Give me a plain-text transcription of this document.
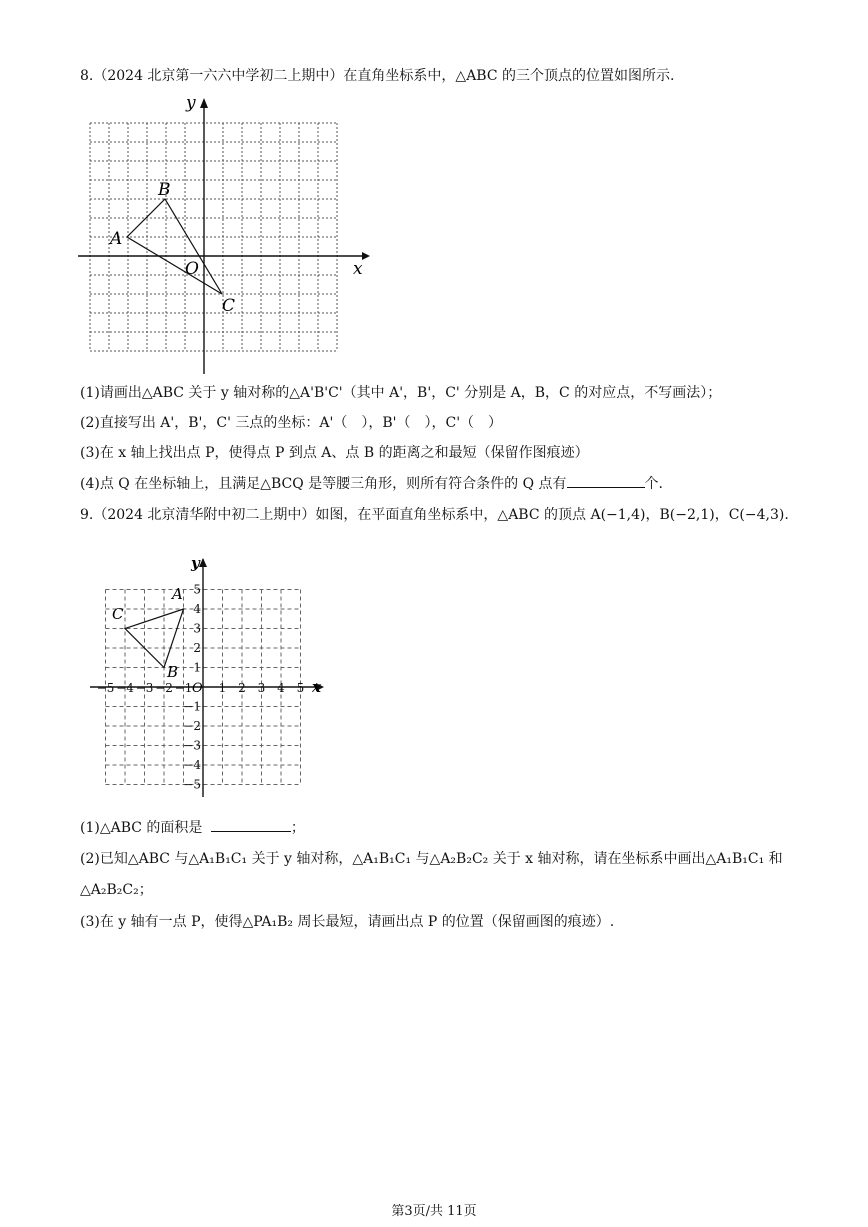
8.（2024 北京第一六六中学初二上期中）在直角坐标系中，△ABC 的三个顶点的位置如图所示.
y
x
O
A
B
C
(1)请画出△ABC 关于 y 轴对称的△A'B'C'（其中 A'，B'，C' 分别是 A，B，C 的对应点，不写画法）；
(2)直接写出 A'，B'，C' 三点的坐标：A'（　），B'（　），C'（　）
(3)在 x 轴上找出点 P，使得点 P 到点 A、点 B 的距离之和最短（保留作图痕迹）
(4)点 Q 在坐标轴上，且满足△BCQ 是等腰三角形，则所有符合条件的 Q 点有	个.
9.（2024 北京清华附中初二上期中）如图，在平面直角坐标系中，△ABC 的顶点 A(−1,4)，B(−2,1)，C(−4,3).
−5 −4 −3 −2 −1 1 2 3 4 5
5
4
3
2
1
−1
−2
−3
−4
−5
y
x
O
A
B
C
(1)△ABC 的面积是	；
(2)已知△ABC 与△A₁B₁C₁ 关于 y 轴对称，△A₁B₁C₁ 与△A₂B₂C₂ 关于 x 轴对称，请在坐标系中画出△A₁B₁C₁ 和
△A₂B₂C₂；
(3)在 y 轴有一点 P，使得△PA₁B₂ 周长最短，请画出点 P 的位置（保留画图的痕迹）.
第3页/共 11页
